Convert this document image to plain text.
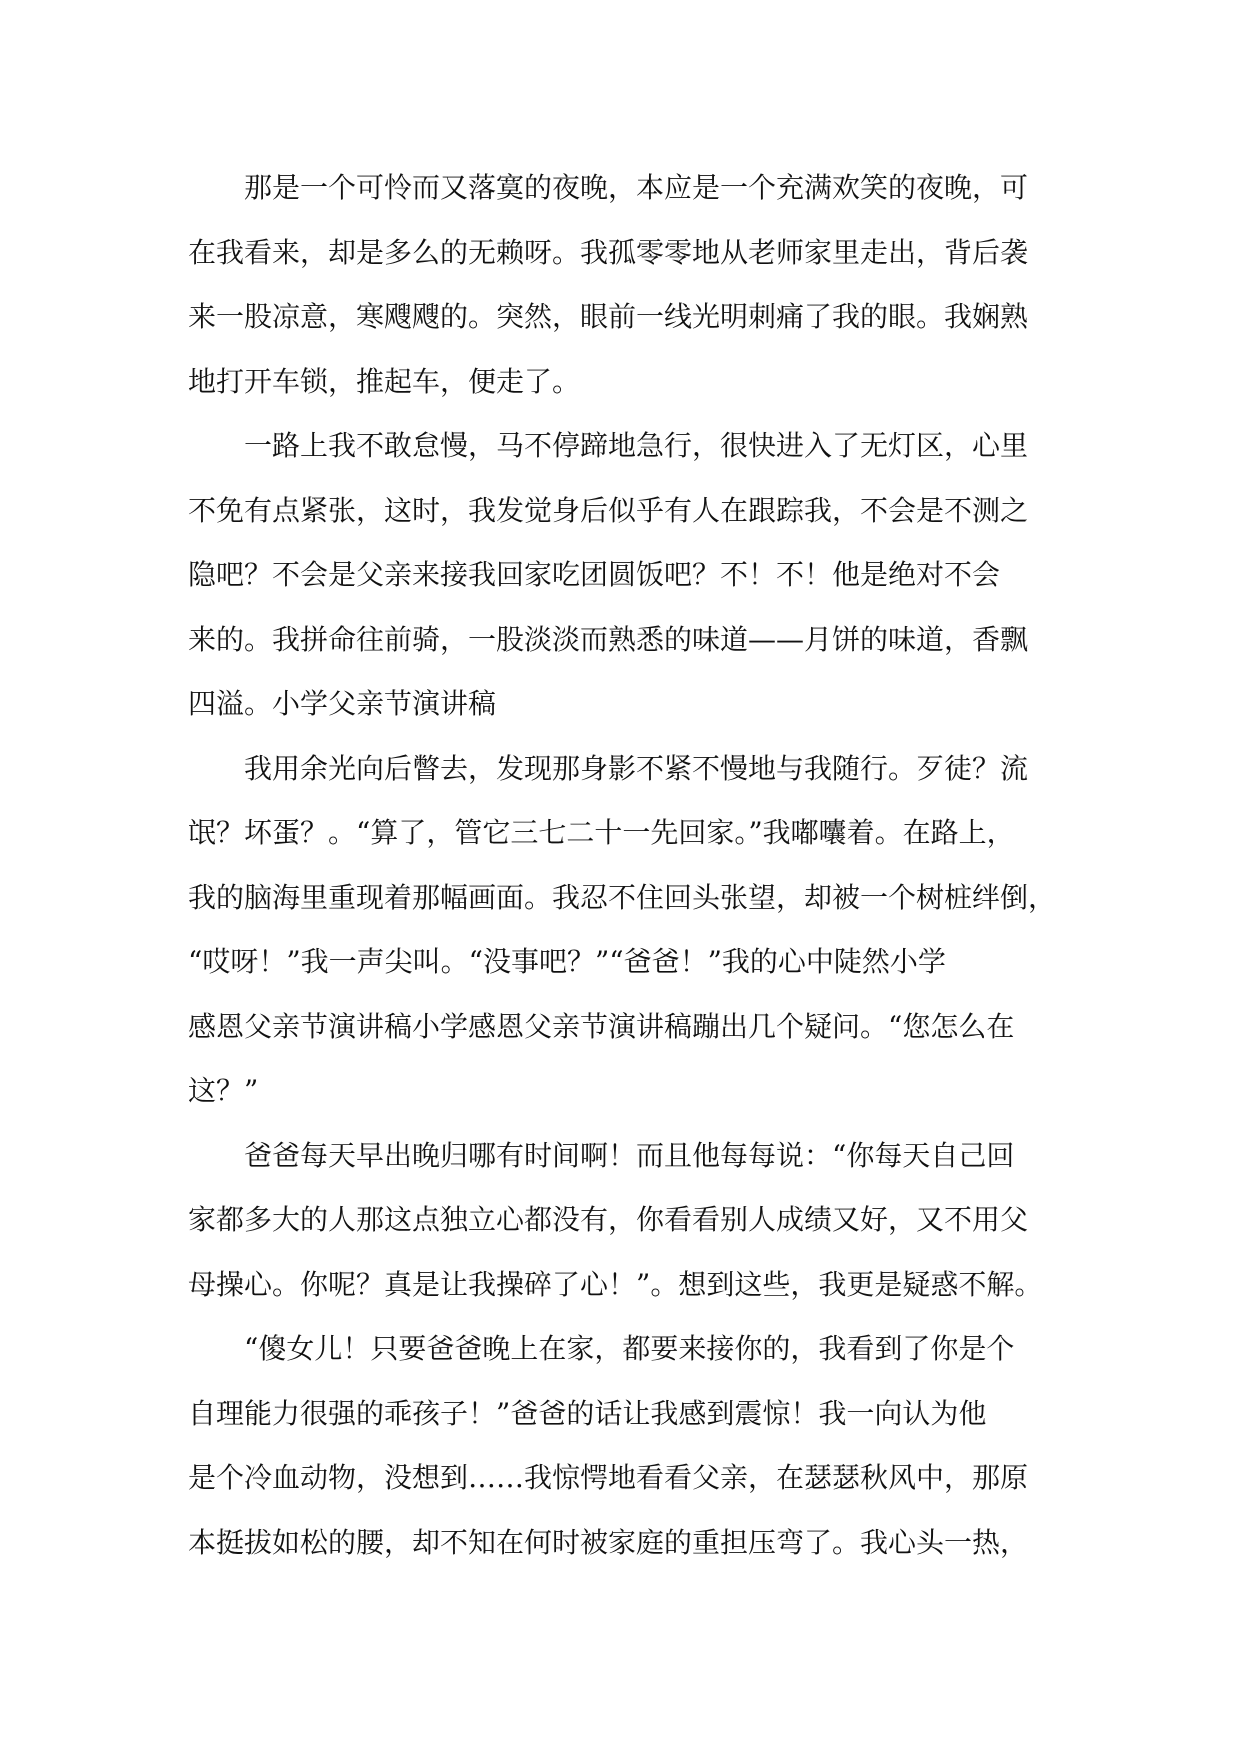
那是一个可怜而又落寞的夜晚，本应是一个充满欢笑的夜晚，可
在我看来，却是多么的无赖呀。我孤零零地从老师家里走出，背后袭
来一股凉意，寒飕飕的。突然，眼前一线光明刺痛了我的眼。我娴熟
地打开车锁，推起车，便走了。

一路上我不敢怠慢，马不停蹄地急行，很快进入了无灯区，心里
不免有点紧张，这时，我发觉身后似乎有人在跟踪我，不会是不测之
隐吧？不会是父亲来接我回家吃团圆饭吧？不！不！他是绝对不会
来的。我拼命往前骑，一股淡淡而熟悉的味道——月饼的味道，香飘
四溢。小学父亲节演讲稿

我用余光向后瞥去，发现那身影不紧不慢地与我随行。歹徒？流
氓？坏蛋？。“算了，管它三七二十一先回家。”我嘟囔着。在路上，
我的脑海里重现着那幅画面。我忍不住回头张望，却被一个树桩绊倒，
“哎呀！”我一声尖叫。“没事吧？”“爸爸！”我的心中陡然小学
感恩父亲节演讲稿小学感恩父亲节演讲稿蹦出几个疑问。“您怎么在
这？”

爸爸每天早出晚归哪有时间啊！而且他每每说：“你每天自己回
家都多大的人那这点独立心都没有，你看看别人成绩又好，又不用父
母操心。你呢？真是让我操碎了心！”。想到这些，我更是疑惑不解。

“傻女儿！只要爸爸晚上在家，都要来接你的，我看到了你是个
自理能力很强的乖孩子！”爸爸的话让我感到震惊！我一向认为他
是个冷血动物，没想到……我惊愕地看看父亲，在瑟瑟秋风中，那原
本挺拔如松的腰，却不知在何时被家庭的重担压弯了。我心头一热，
